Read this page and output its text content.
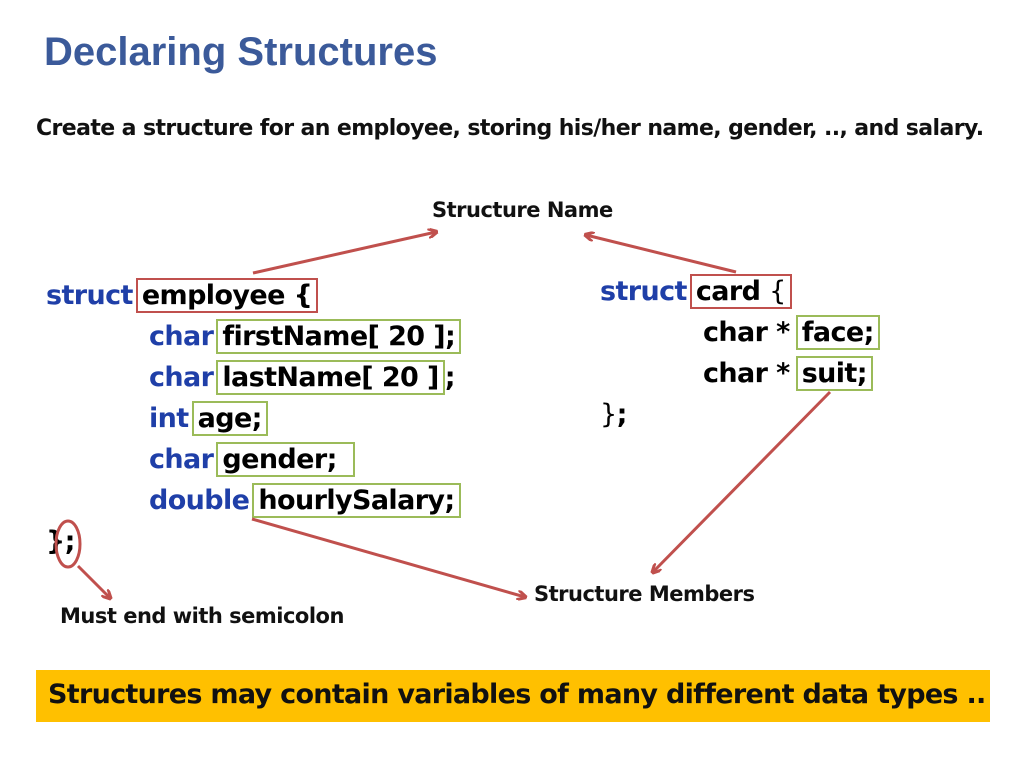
Declaring Structures
Create a structure for an employee, storing his/her name, gender, .., and salary.
Structure Name
Structure Members
Must end with semicolon
struct employee {
char firstName[ 20 ];
char lastName[ 20 ] ;
int age;
char gender;
double hourlySalary;
};
struct card {
char * face;
char * suit;
};
Structures may contain variables of many different data types ..
